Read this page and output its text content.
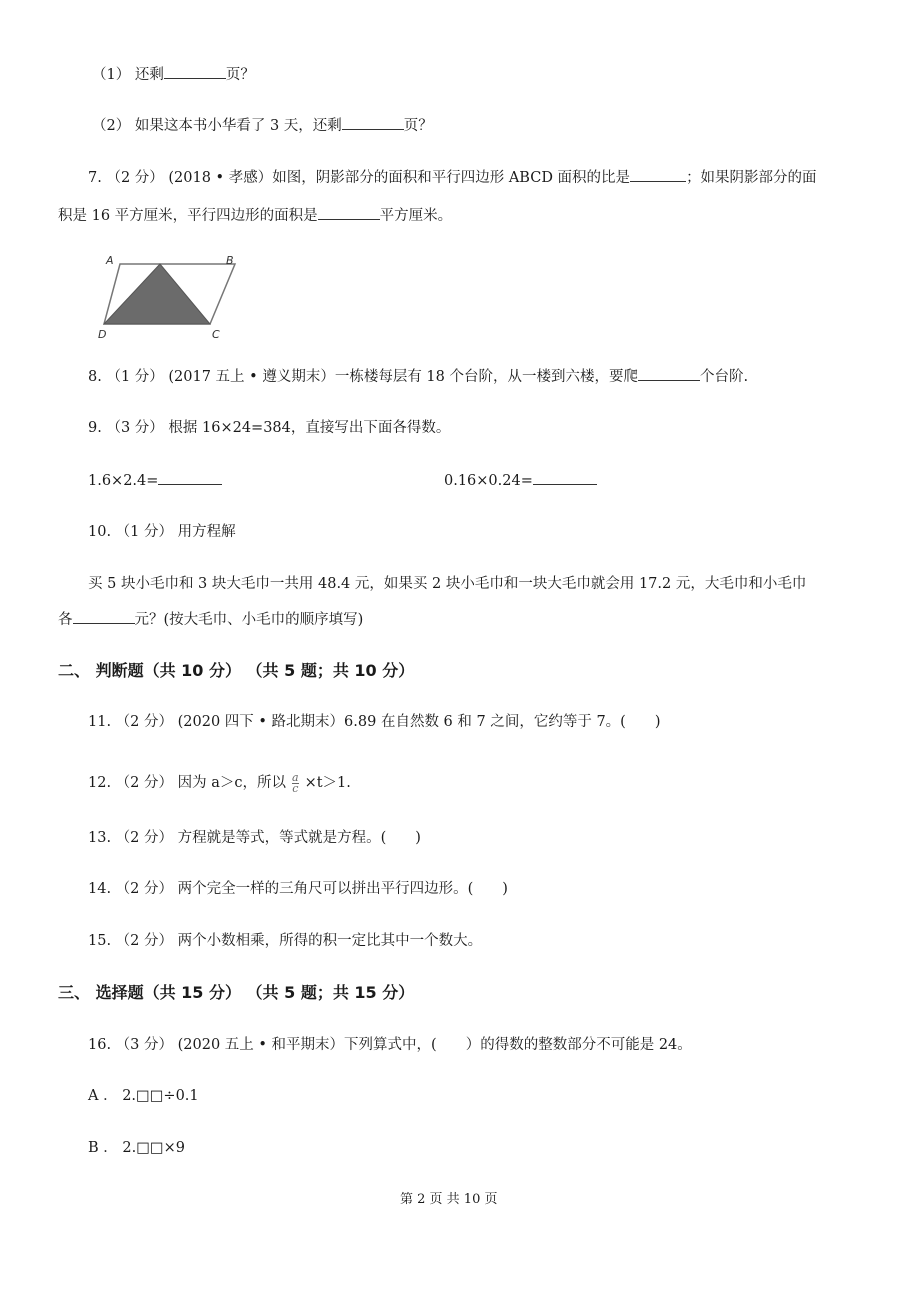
（1） 还剩	页？
（2） 如果这本书小华看了 3 天，还剩	页？
7. （2 分） (2018 • 孝感）如图，阴影部分的面积和平行四边形 ABCD 面积的比是	；如果阴影部分的面
积是 16 平方厘米，平行四边形的面积是	平方厘米。
A	B
D	C
8. （1 分） (2017 五上 • 遵义期末）一栋楼每层有 18 个台阶，从一楼到六楼，要爬	个台阶.
9. （3 分） 根据 16×24=384，直接写出下面各得数。
1.6×2.4=	0.16×0.24=
10. （1 分） 用方程解
买 5 块小毛巾和 3 块大毛巾一共用 48.4 元，如果买 2 块小毛巾和一块大毛巾就会用 17.2 元，大毛巾和小毛巾
各	元？(按大毛巾、小毛巾的顺序填写)
二、 判断题（共 10 分） （共 5 题；共 10 分）
11. （2 分） (2020 四下 • 路北期末）6.89 在自然数 6 和 7 之间，它约等于 7。(　　)
12. （2 分） 因为 a＞c，所以 $\frac{a}{c} \times t>1$.
13. （2 分） 方程就是等式，等式就是方程。(　　)
14. （2 分） 两个完全一样的三角尺可以拼出平行四边形。(　　)
15. （2 分） 两个小数相乘，所得的积一定比其中一个数大。
三、 选择题（共 15 分） （共 5 题；共 15 分）
16. （3 分） (2020 五上 • 和平期末）下列算式中，(　　）的得数的整数部分不可能是 24。
A ． 2.□□÷0.1
B ． 2.□□×9
第 2 页 共 10 页
